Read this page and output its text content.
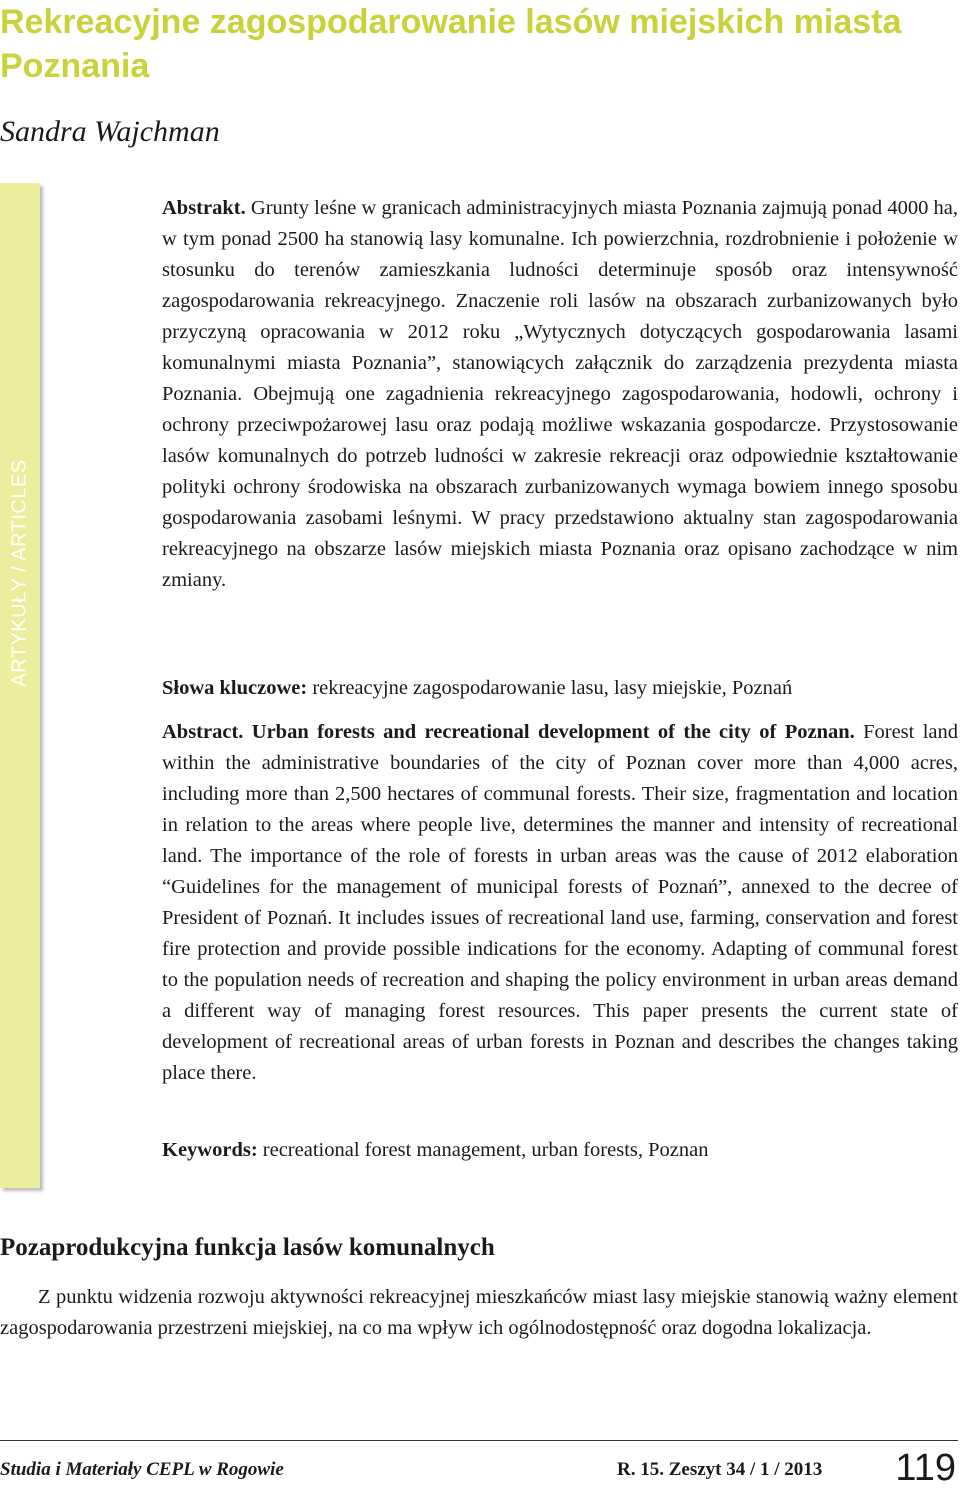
Rekreacyjne zagospodarowanie lasów miejskich miasta Poznania
Sandra Wajchman
ARTYKUŁY / ARTICLES

Abstrakt. Grunty leśne w granicach administracyjnych miasta Poznania zajmują ponad 4000 ha, w tym ponad 2500 ha stanowią lasy komunalne. Ich powierzchnia, rozdrobnienie i położenie w stosunku do terenów zamieszkania ludności determinuje sposób oraz intensywność zagospodarowania rekreacyjnego. Znaczenie roli lasów na obszarach zurbanizowanych było przyczyną opracowania w 2012 roku „Wytycznych dotyczących gospodarowania lasami komunalnymi miasta Poznania”, stanowiących załącznik do zarządzenia prezydenta miasta Poznania. Obejmują one zagadnienia rekreacyjnego zagospodarowania, hodowli, ochrony i ochrony przeciwpożarowej lasu oraz podają możliwe wskazania gospodarcze. Przystosowanie lasów komunalnych do potrzeb ludności w zakresie rekreacji oraz odpowiednie kształtowanie polityki ochrony środowiska na obszarach zurbanizowanych wymaga bowiem innego sposobu gospodarowania zasobami leśnymi. W pracy przedstawiono aktualny stan zagospodarowania rekreacyjnego na obszarze lasów miejskich miasta Poznania oraz opisano zachodzące w nim zmiany.

Słowa kluczowe: rekreacyjne zagospodarowanie lasu, lasy miejskie, Poznań

Abstract. Urban forests and recreational development of the city of Poznan. Forest land within the administrative boundaries of the city of Poznan cover more than 4,000 acres, including more than 2,500 hectares of communal forests. Their size, fragmentation and location in relation to the areas where people live, determines the manner and intensity of recreational land. The importance of the role of forests in urban areas was the cause of 2012 elaboration “Guidelines for the management of municipal forests of Poznań”, annexed to the decree of President of Poznań. It includes issues of recreational land use, farming, conservation and forest fire protection and provide possible indications for the economy. Adapting of communal forest to the population needs of recreation and shaping the policy environment in urban areas demand a different way of managing forest resources. This paper presents the current state of development of recreational areas of urban forests in Poznan and describes the changes taking place there.

Keywords: recreational forest management, urban forests, Poznan

Pozaprodukcyjna funkcja lasów komunalnych

Z punktu widzenia rozwoju aktywności rekreacyjnej mieszkańców miast lasy miejskie stanowią ważny element zagospodarowania przestrzeni miejskiej, na co ma wpływ ich ogólnodostępność oraz dogodna lokalizacja.

Studia i Materiały CEPL w Rogowie	R. 15. Zeszyt 34 / 1 / 2013 119
